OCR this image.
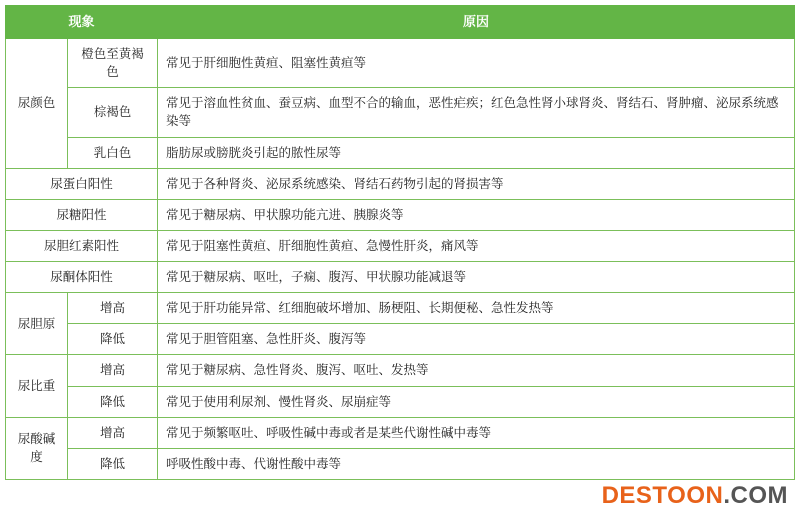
现象		原因
尿颜色	橙色至黄褐色	常见于肝细胞性黄疸、阻塞性黄疸等
	棕褐色	常见于溶血性贫血、蚕豆病、血型不合的输血，恶性疟疾；红色急性肾小球肾炎、肾结石、肾肿瘤、泌尿系统感染等
	乳白色	脂肪尿或膀胱炎引起的脓性尿等
尿蛋白阳性		常见于各种肾炎、泌尿系统感染、肾结石药物引起的肾损害等
尿糖阳性		常见于糖尿病、甲状腺功能亢进、胰腺炎等
尿胆红素阳性		常见于阻塞性黄疸、肝细胞性黄疸、急慢性肝炎，痛风等
尿酮体阳性		常见于糖尿病、呕吐，子痫、腹泻、甲状腺功能减退等
尿胆原	增高	常见于肝功能异常、红细胞破坏增加、肠梗阻、长期便秘、急性发热等
	降低	常见于胆管阻塞、急性肝炎、腹泻等
尿比重	增高	常见于糖尿病、急性肾炎、腹泻、呕吐、发热等
	降低	常见于使用利尿剂、慢性肾炎、尿崩症等
尿酸碱度	增高	常见于频繁呕吐、呼吸性碱中毒或者是某些代谢性碱中毒等
	降低	呼吸性酸中毒、代谢性酸中毒等
DESTOON.COM
